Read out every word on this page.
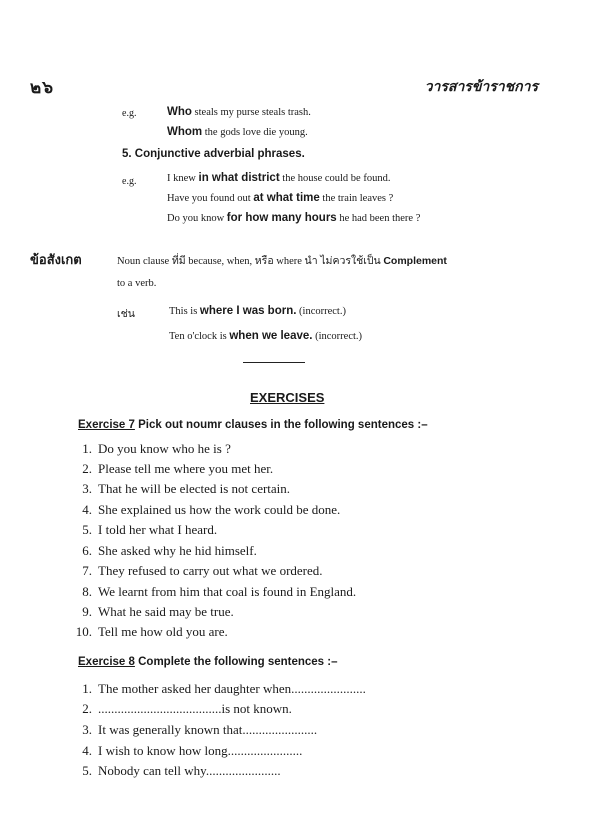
๒๖	วารสารข้าราชการ
e.g.	Who steals my purse steals trash.
Whom the gods love die young.
5. Conjunctive adverbial phrases.
e.g.	I knew in what district the house could be found.
Have you found out at what time the train leaves ?
Do you know for how many hours he had been there ?
ข้อสังเกต	Noun clause ที่มี because, when, หรือ where นำ ไม่ควรใช้เป็น Complement
to a verb.
เช่น	This is where I was born. (incorrect.)
Ten o'clock is when we leave. (incorrect.)
EXERCISES
Exercise 7 Pick out noumr clauses in the following sentences :–
1. Do you know who he is ?
2. Please tell me where you met her.
3. That he will be elected is not certain.
4. She explained us how the work could be done.
5. I told her what I heard.
6. She asked why he hid himself.
7. They refused to carry out what we ordered.
8. We learnt from him that coal is found in England.
9. What he said may be true.
10. Tell me how old you are.
Exercise 8 Complete the following sentences :–
1. The mother asked her daughter when.......................
2. ......................................is not known.
3. It was generally known that.......................
4. I wish to know how long.......................
5. Nobody can tell why.......................
